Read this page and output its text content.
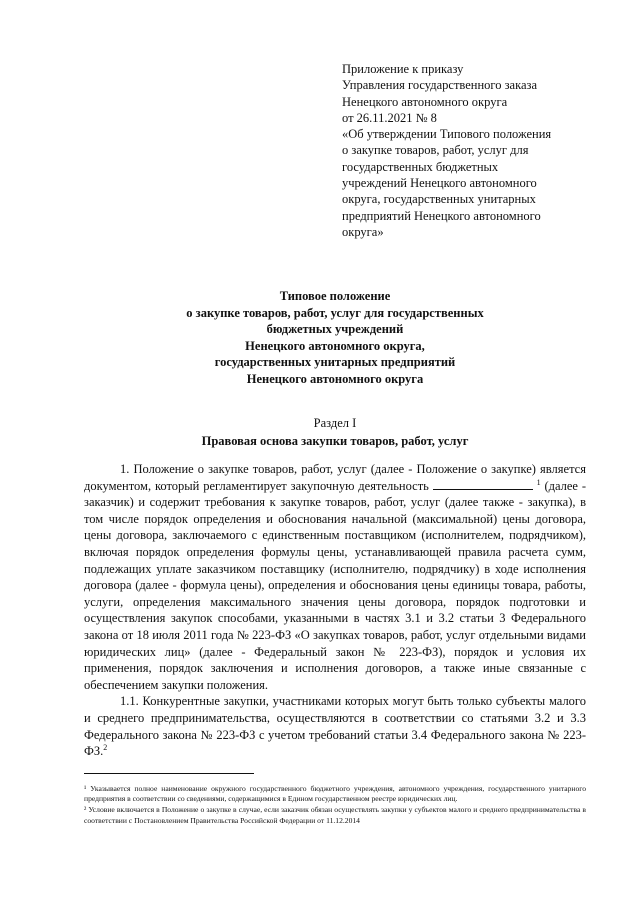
Приложение к приказу
Управления государственного заказа
Ненецкого автономного округа
от 26.11.2021 № 8
«Об утверждении Типового положения
о закупке товаров, работ, услуг для
государственных бюджетных
учреждений Ненецкого автономного
округа, государственных унитарных
предприятий Ненецкого автономного
округа»
Типовое положение
о закупке товаров, работ, услуг для государственных
бюджетных учреждений
Ненецкого автономного округа,
государственных унитарных предприятий
Ненецкого автономного округа
Раздел I
Правовая основа закупки товаров, работ, услуг

1. Положение о закупке товаров, работ, услуг (далее - Положение о закупке) является документом, который регламентирует закупочную деятельность	$^1$ (далее - заказчик) и содержит требования к закупке товаров, работ, услуг (далее также - закупка), в том числе порядок определения и обоснования начальной (максимальной) цены договора, цены договора, заключаемого с единственным поставщиком (исполнителем, подрядчиком), включая порядок определения формулы цены, устанавливающей правила расчета сумм, подлежащих уплате заказчиком поставщику (исполнителю, подрядчику) в ходе исполнения договора (далее - формула цены), определения и обоснования цены единицы товара, работы, услуги, определения максимального значения цены договора, порядок подготовки и осуществления закупок способами, указанными в частях 3.1 и 3.2 статьи 3 Федерального закона от 18 июля 2011 года № 223-ФЗ «О закупках товаров, работ, услуг отдельными видами юридических лиц» (далее - Федеральный закон № 223-ФЗ), порядок и условия их применения, порядок заключения и исполнения договоров, а также иные связанные с обеспечением закупки положения.

1.1. Конкурентные закупки, участниками которых могут быть только субъекты малого и среднего предпринимательства, осуществляются в соответствии со статьями 3.2 и 3.3 Федерального закона № 223-ФЗ с учетом требований статьи 3.4 Федерального закона № 223-ФЗ.$^2$

¹ Указывается полное наименование окружного государственного бюджетного учреждения, автономного учреждения, государственного унитарного предприятия в соответствии со сведениями, содержащимися в Едином государственном реестре юридических лиц.

² Условие включается в Положение о закупке в случае, если заказчик обязан осуществлять закупки у субъектов малого и среднего предпринимательства в соответствии с Постановлением Правительства Российской Федерации от 11.12.2014
